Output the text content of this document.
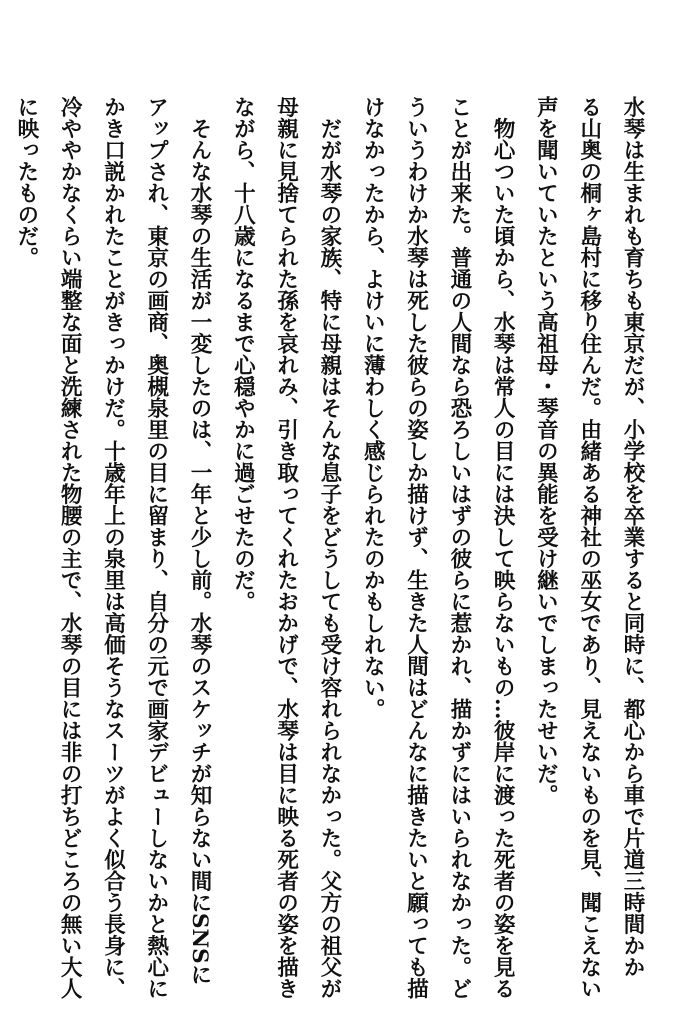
水琴は生まれも育ちも東京だが、小学校を卒業すると同時に、都心から車で片道三時間かか
る山奥の桐ヶ島村に移り住んだ。由緒ある神社の巫女であり、見えないものを見、聞こえない
声を聞いていたという高祖母・琴音の異能を受け継いでしまったせいだ。
　物心ついた頃から、水琴は常人の目には決して映らないもの…彼岸に渡った死者の姿を見る
ことが出来た。普通の人間なら恐ろしいはずの彼らに惹かれ、描かずにはいられなかった。ど
ういうわけか水琴は死した彼らの姿しか描けず、生きた人間はどんなに描きたいと願っても描
けなかったから、よけいに薄わしく感じられたのかもしれない。
　だが水琴の家族、特に母親はそんな息子をどうしても受け容れられなかった。父方の祖父が
母親に見捨てられた孫を哀れみ、引き取ってくれたおかげで、水琴は目に映る死者の姿を描き
ながら、十八歳になるまで心穏やかに過ごせたのだ。
　そんな水琴の生活が一変したのは、一年と少し前。水琴のスケッチが知らない間にSNSに
アップされ、東京の画商、奥槻泉里の目に留まり、自分の元で画家デビューしないかと熱心に
かき口説かれたことがきっかけだ。十歳年上の泉里は高価そうなスーツがよく似合う長身に、
冷ややかなくらい端整な面と洗練された物腰の主で、水琴の目には非の打ちどころの無い大人
に映ったものだ。
